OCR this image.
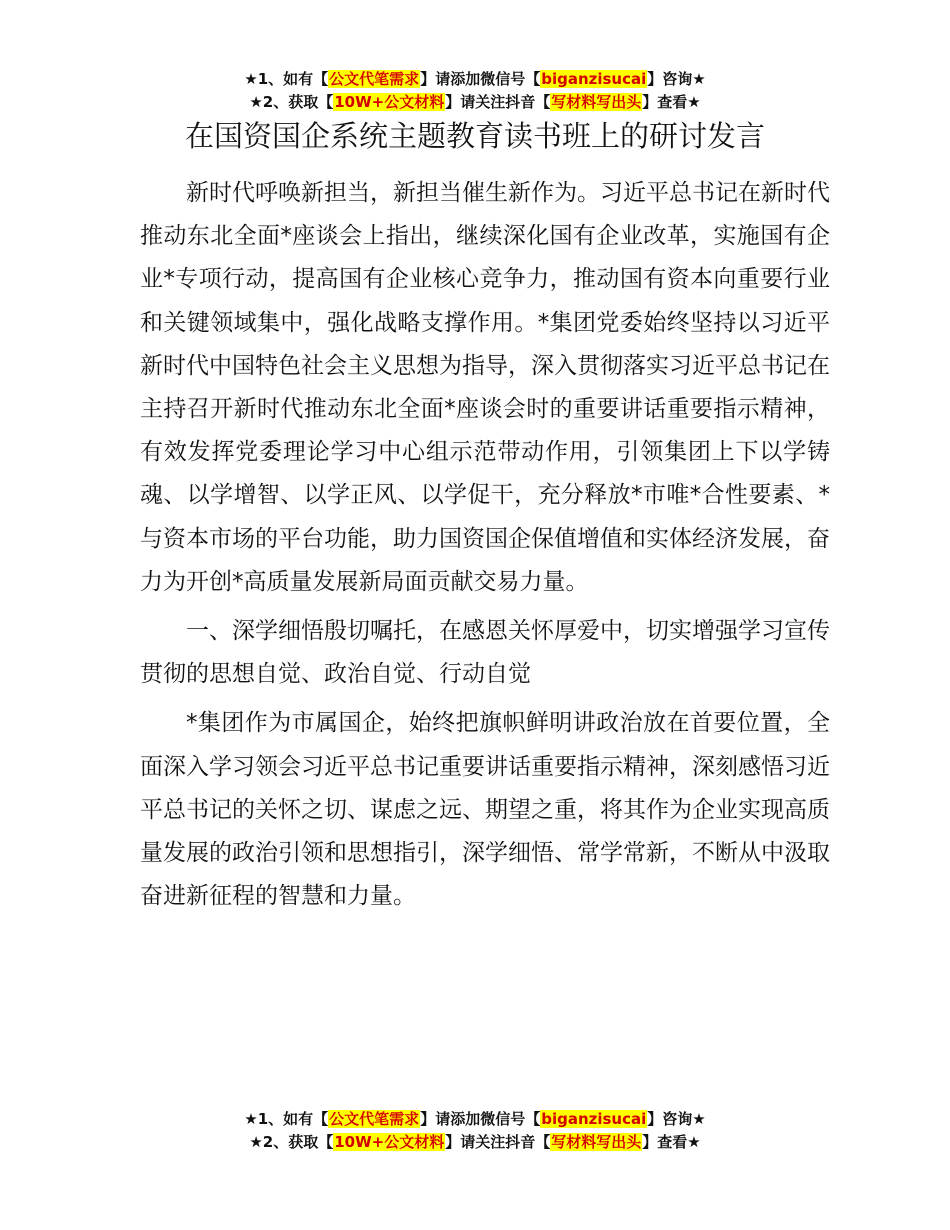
★1、如有【公文代笔需求】请添加微信号【biganzisucai】咨询★
★2、获取【10W+公文材料】请关注抖音【写材料写出头】查看★
在国资国企系统主题教育读书班上的研讨发言

新时代呼唤新担当，新担当催生新作为。习近平总书记在新时代推动东北全面*座谈会上指出，继续深化国有企业改革，实施国有企业*专项行动，提高国有企业核心竞争力，推动国有资本向重要行业和关键领域集中，强化战略支撑作用。*集团党委始终坚持以习近平新时代中国特色社会主义思想为指导，深入贯彻落实习近平总书记在主持召开新时代推动东北全面*座谈会时的重要讲话重要指示精神，有效发挥党委理论学习中心组示范带动作用，引领集团上下以学铸魂、以学增智、以学正风、以学促干，充分释放*市唯*合性要素、*与资本市场的平台功能，助力国资国企保值增值和实体经济发展，奋力为开创*高质量发展新局面贡献交易力量。

一、深学细悟殷切嘱托，在感恩关怀厚爱中，切实增强学习宣传贯彻的思想自觉、政治自觉、行动自觉

*集团作为市属国企，始终把旗帜鲜明讲政治放在首要位置，全面深入学习领会习近平总书记重要讲话重要指示精神，深刻感悟习近平总书记的关怀之切、谋虑之远、期望之重，将其作为企业实现高质量发展的政治引领和思想指引，深学细悟、常学常新，不断从中汲取奋进新征程的智慧和力量。

★1、如有【公文代笔需求】请添加微信号【biganzisucai】咨询★
★2、获取【10W+公文材料】请关注抖音【写材料写出头】查看★
